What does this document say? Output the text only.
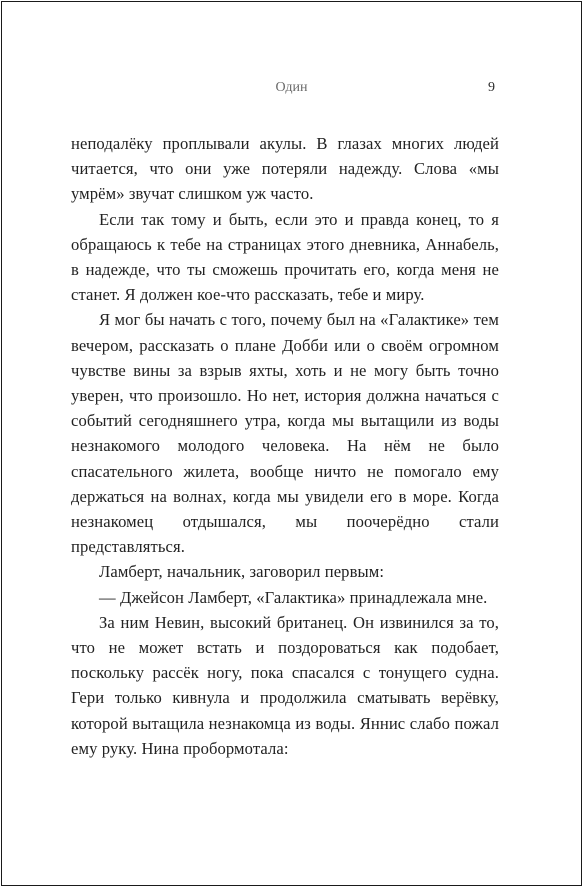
Один	9

неподалёку проплывали акулы. В глазах многих людей читается, что они уже потеряли надежду. Слова «мы умрём» звучат слишком уж часто.

Если так тому и быть, если это и правда конец, то я обращаюсь к тебе на страницах этого дневника, Аннабель, в надежде, что ты сможешь прочитать его, когда меня не станет. Я должен кое-что рассказать, тебе и миру.

Я мог бы начать с того, почему был на «Галактике» тем вечером, рассказать о плане Добби или о своём огромном чувстве вины за взрыв яхты, хоть и не могу быть точно уверен, что произошло. Но нет, история должна начаться с событий сегодняшнего утра, когда мы вытащили из воды незнакомого молодого человека. На нём не было спасательного жилета, вообще ничто не помогало ему держаться на волнах, когда мы увидели его в море. Когда незнакомец отдышался, мы поочерёдно стали представляться.

Ламберт, начальник, заговорил первым:

— Джейсон Ламберт, «Галактика» принадлежала мне.

За ним Невин, высокий британец. Он извинился за то, что не может встать и поздороваться как подобает, поскольку рассёк ногу, пока спасался с тонущего судна. Гери только кивнула и продолжила сматывать верёвку, которой вытащила незнакомца из воды. Яннис слабо пожал ему руку. Нина пробормотала:
